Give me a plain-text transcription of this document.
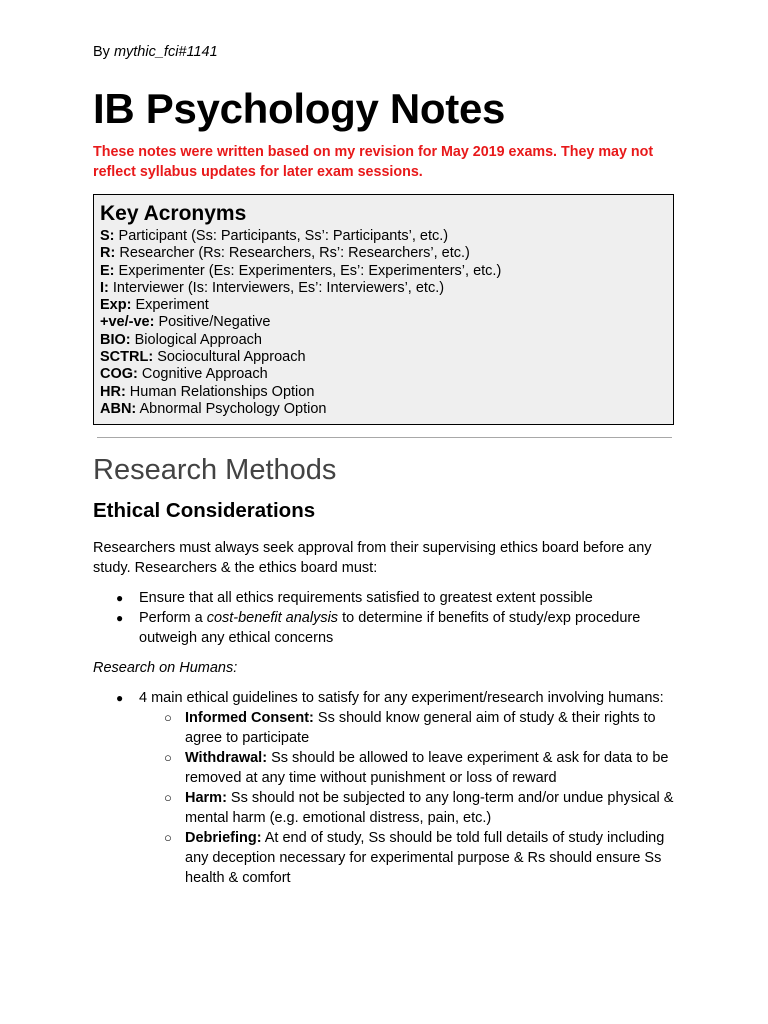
By mythic_fci#1141

IB Psychology Notes

These notes were written based on my revision for May 2019 exams. They may not reflect syllabus updates for later exam sessions.

Key Acronyms

S: Participant (Ss: Participants, Ss’: Participants’, etc.)

R: Researcher (Rs: Researchers, Rs’: Researchers’, etc.)

E: Experimenter (Es: Experimenters, Es’: Experimenters’, etc.)

I: Interviewer (Is: Interviewers, Es’: Interviewers’, etc.)

Exp: Experiment

+ve/-ve: Positive/Negative

BIO: Biological Approach

SCTRL: Sociocultural Approach

COG: Cognitive Approach

HR: Human Relationships Option

ABN: Abnormal Psychology Option

Research Methods
Ethical Considerations

Researchers must always seek approval from their supervising ethics board before any study. Researchers & the ethics board must:

● Ensure that all ethics requirements satisfied to greatest extent possible
● Perform a cost-benefit analysis to determine if benefits of study/exp procedure outweigh any ethical concerns

Research on Humans:

● 4 main ethical guidelines to satisfy for any experiment/research involving humans:
○ Informed Consent: Ss should know general aim of study & their rights to agree to participate
○ Withdrawal: Ss should be allowed to leave experiment & ask for data to be removed at any time without punishment or loss of reward
○ Harm: Ss should not be subjected to any long-term and/or undue physical & mental harm (e.g. emotional distress, pain, etc.)
○ Debriefing: At end of study, Ss should be told full details of study including any deception necessary for experimental purpose & Rs should ensure Ss health & comfort
